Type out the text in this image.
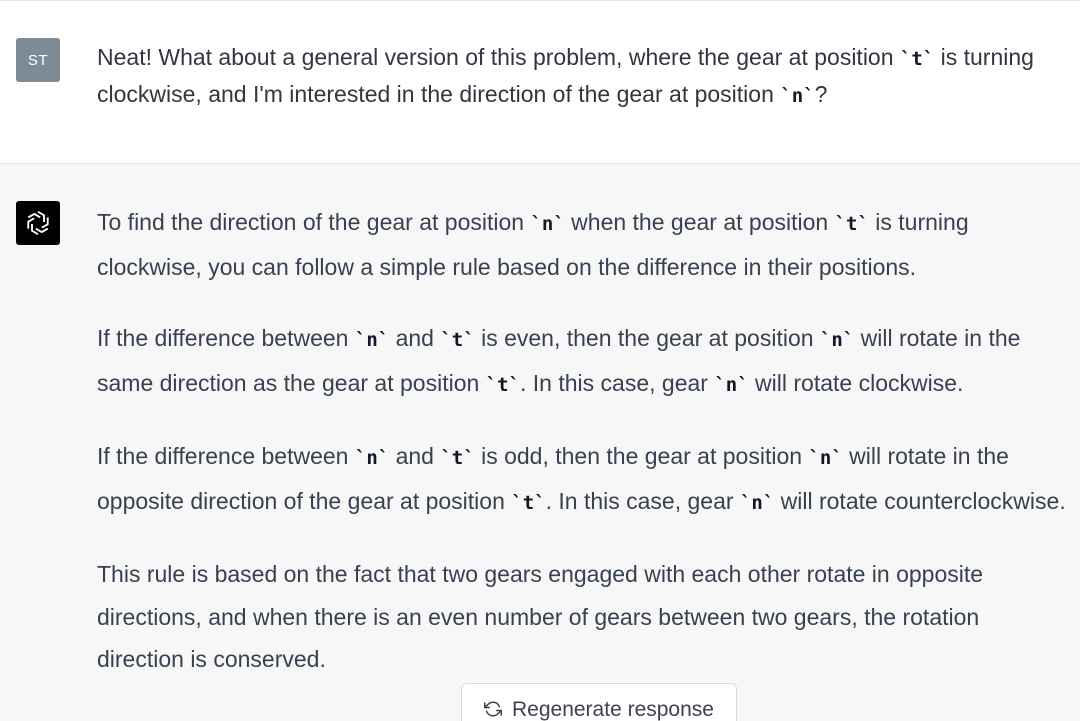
ST	Neat! What about a general version of this problem, where the gear at position `t` is turning clockwise, and I'm interested in the direction of the gear at position `n`?

To find the direction of the gear at position `n` when the gear at position `t` is turning clockwise, you can follow a simple rule based on the difference in their positions.

If the difference between `n` and `t` is even, then the gear at position `n` will rotate in the same direction as the gear at position `t`. In this case, gear `n` will rotate clockwise.

If the difference between `n` and `t` is odd, then the gear at position `n` will rotate in the opposite direction of the gear at position `t`. In this case, gear `n` will rotate counterclockwise.

This rule is based on the fact that two gears engaged with each other rotate in opposite directions, and when there is an even number of gears between two gears, the rotation direction is conserved.

Regenerate response
